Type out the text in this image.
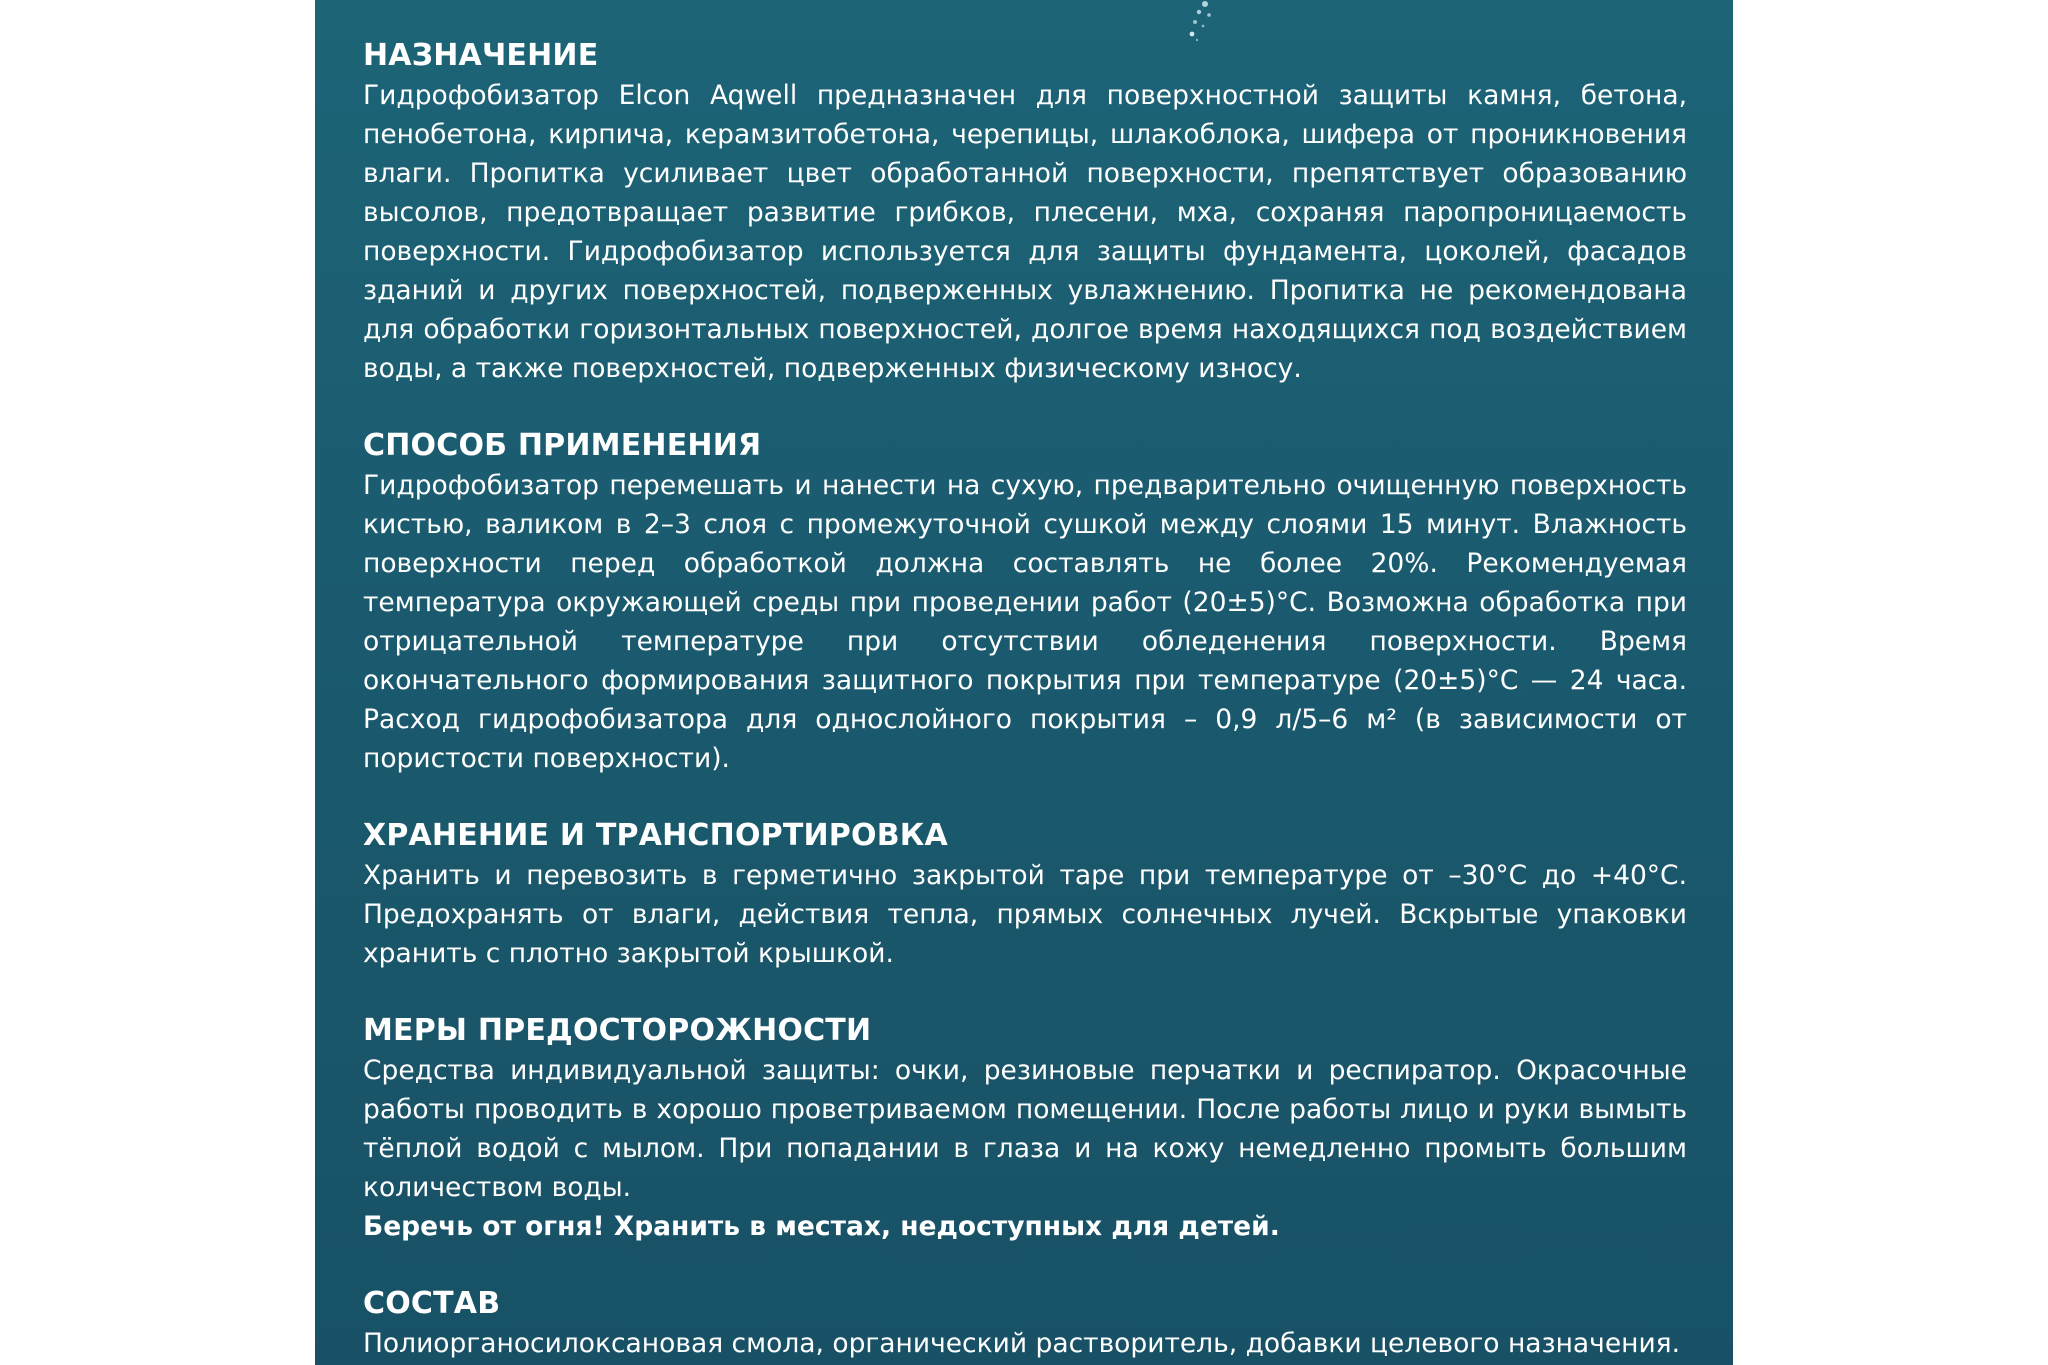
НАЗНАЧЕНИЕ

Гидрофобизатор Elcon Aqwell предназначен для поверхностной защиты камня, бетона, пенобетона, кирпича, керамзитобетона, черепицы, шлакоблока, шифера от проникновения влаги. Пропитка усиливает цвет обработанной поверхности, препятствует образованию высолов, предотвращает развитие грибков, плесени, мха, сохраняя паропроницаемость поверхности. Гидрофобизатор используется для защиты фундамента, цоколей, фасадов зданий и других поверхностей, подверженных увлажнению. Пропитка не рекомендована для обработки горизонтальных поверхностей, долгое время находящихся под воздействием воды, а также поверхностей, подверженных физическому износу.

СПОСОБ ПРИМЕНЕНИЯ

Гидрофобизатор перемешать и нанести на сухую, предварительно очищенную поверхность кистью, валиком в 2–3 слоя с промежуточной сушкой между слоями 15 минут. Влажность поверхности перед обработкой должна составлять не более 20%. Рекомендуемая температура окружающей среды при проведении работ (20±5)°С. Возможна обработка при отрицательной температуре при отсутствии обледенения поверхности. Время окончательного формирования защитного покрытия при температуре (20±5)°С — 24 часа. Расход гидрофобизатора для однослойного покрытия – 0,9 л/5–6 м² (в зависимости от пористости поверхности).

ХРАНЕНИЕ И ТРАНСПОРТИРОВКА

Хранить и перевозить в герметично закрытой таре при температуре от –30°С до +40°С. Предохранять от влаги, действия тепла, прямых солнечных лучей. Вскрытые упаковки хранить с плотно закрытой крышкой.

МЕРЫ ПРЕДОСТОРОЖНОСТИ

Средства индивидуальной защиты: очки, резиновые перчатки и респиратор. Окрасочные работы проводить в хорошо проветриваемом помещении. После работы лицо и руки вымыть тёплой водой с мылом. При попадании в глаза и на кожу немедленно промыть большим количеством воды.

Беречь от огня! Хранить в местах, недоступных для детей.

СОСТАВ

Полиорганосилоксановая смола, органический растворитель, добавки целевого назначения.
